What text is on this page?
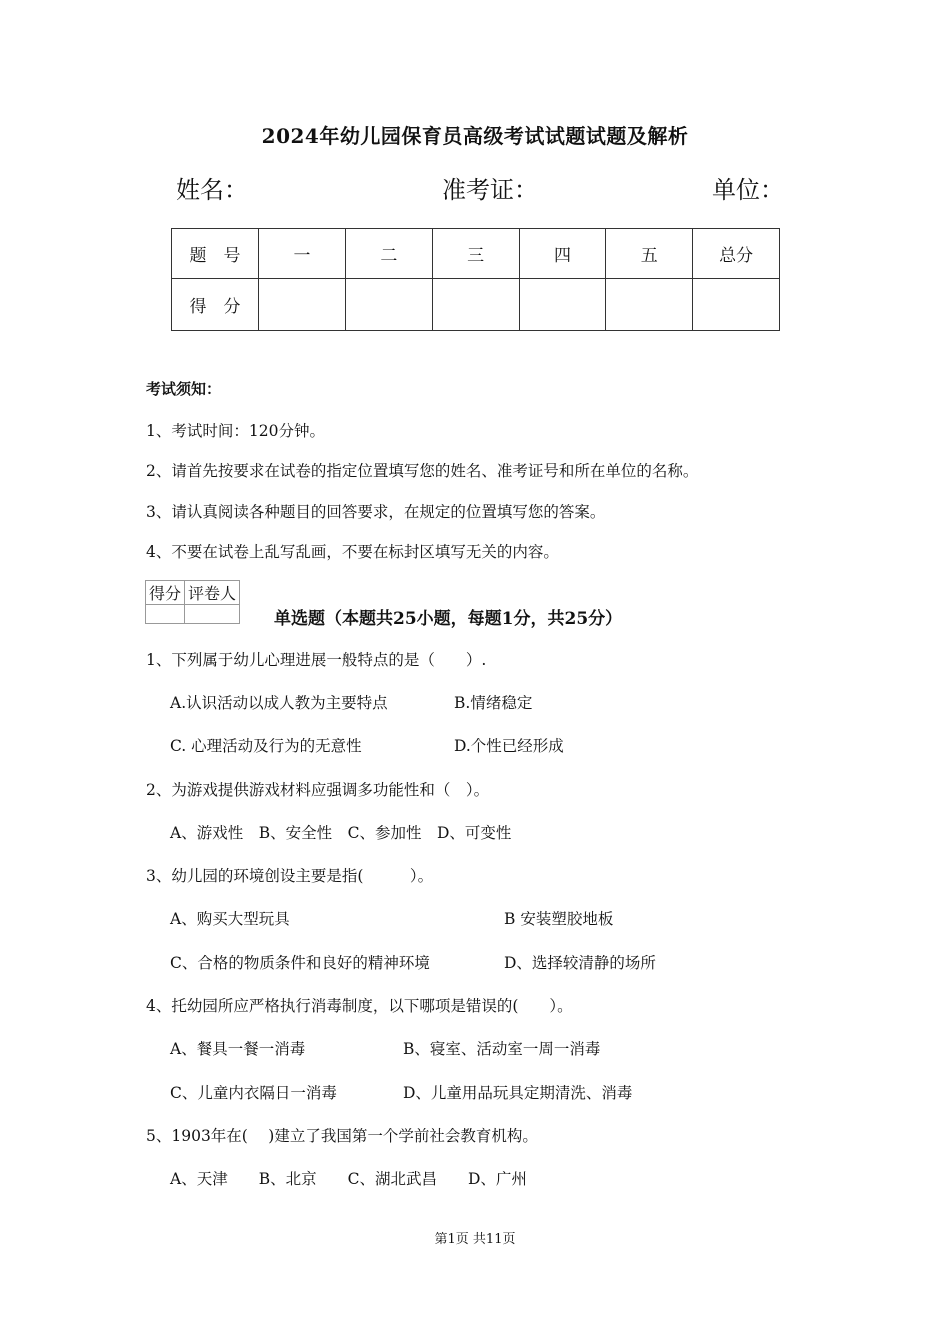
2024年幼儿园保育员高级考试试题试题及解析
姓名：	准考证：	单位：
题　号	一	二	三	四	五	总分
得　分						
考试须知：
1、考试时间：120分钟。
2、请首先按要求在试卷的指定位置填写您的姓名、准考证号和所在单位的名称。
3、请认真阅读各种题目的回答要求，在规定的位置填写您的答案。
4、不要在试卷上乱写乱画，不要在标封区填写无关的内容。
得分	评卷人

单选题（本题共25小题，每题1分，共25分）
1、下列属于幼儿心理进展一般特点的是（　　）.
A.认识活动以成人教为主要特点	B.情绪稳定
C. 心理活动及行为的无意性	D.个性已经形成
2、为游戏提供游戏材料应强调多功能性和（　）。
A、游戏性　B、安全性　C、参加性　D、可变性
3、幼儿园的环境创设主要是指(　　　）。
A、购买大型玩具	B 安装塑胶地板
C、合格的物质条件和良好的精神环境	D、选择较清静的场所
4、托幼园所应严格执行消毒制度，以下哪项是错误的(　　）。
A、餐具一餐一消毒	B、寝室、活动室一周一消毒
C、儿童内衣隔日一消毒	D、儿童用品玩具定期清洗、消毒
5、1903年在(　 )建立了我国第一个学前社会教育机构。
A、天津　　B、北京　　C、湖北武昌　　D、广州
第1页 共11页
